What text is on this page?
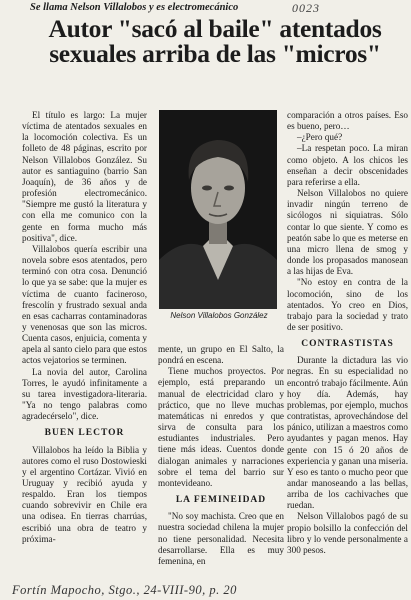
Se llama Nelson Villalobos y es electromecánico	0023
Autor "sacó al baile" atentados sexuales arriba de las "micros"

El título es largo: La mujer víctima de atentados sexuales en la locomoción colectiva. Es un folleto de 48 páginas, escrito por Nelson Villalobos González. Su autor es santiaguino (barrio San Joaquín), de 36 años y de profesión electromecánico. "Siempre me gustó la literatura y con ella me comunico con la gente en forma mucho más positiva", dice.

Villalobos quería escribir una novela sobre esos atentados, pero terminó con otra cosa. Denunció lo que ya se sabe: que la mujer es víctima de cuanto facineroso, frescolín y frustrado sexual anda en esas cacharras contaminadoras y venenosas que son las micros. Cuenta casos, enjuicia, comenta y apela al santo cielo para que estos actos vejatorios se terminen.

La novia del autor, Carolina Torres, le ayudó infinitamente a su tarea investigadora-literaria. "Ya no tengo palabras como agradecérselo", dice.

BUEN LECTOR

Villalobos ha leído la Biblia y autores como el ruso Dostowieski y el argentino Cortázar. Vivió en Uruguay y recibió ayuda y respaldo. Eran los tiempos cuando sobrevivir en Chile era una odisea. En tierras charrúas, escribió una obra de teatro y próxima-

Nelson Villalobos González

mente, un grupo en El Salto, la pondrá en escena.

Tiene muchos proyectos. Por ejemplo, está preparando un manual de electricidad claro y práctico, que no lleve muchas matemáticas ni enredos y que sirva de consulta para los estudiantes industriales. Pero tiene más ideas. Cuentos donde dialogan animales y narraciones sobre el tema del barrio sur montevideano.

LA FEMINEIDAD

"No soy machista. Creo que en nuestra sociedad chilena la mujer no tiene personalidad. Necesita desarrollarse. Ella es muy femenina, en

comparación a otros países. Eso es bueno, pero…

–¿Pero qué?

–La respetan poco. La miran como objeto. A los chicos les enseñan a decir obscenidades para referirse a ella.

Nelson Villalobos no quiere invadir ningún terreno de sicólogos ni siquiatras. Sólo contar lo que siente. Y como es peatón sabe lo que es meterse en una micro llena de smog y donde los propasados manosean a las hijas de Eva.

"No estoy en contra de la locomoción, sino de los atentados. Yo creo en Dios, trabajo para la sociedad y trato de ser positivo.

CONTRASTISTAS

Durante la dictadura las vio negras. En su especialidad no encontró trabajo fácilmente. Aún hoy día. Además, hay problemas, por ejemplo, muchos contratistas, aprovechándose del pánico, utilizan a maestros como ayudantes y pagan menos. Hay gente con 15 ó 20 años de experiencia y ganan una miseria. Y eso es tanto o mucho peor que andar manoseando a las bellas, arriba de los cachivaches que ruedan.

Nelson Villalobos pagó de su propio bolsillo la confección del libro y lo vende personalmente a 300 pesos.

Fortín Mapocho, Stgo., 24-VIII-90, p. 20
